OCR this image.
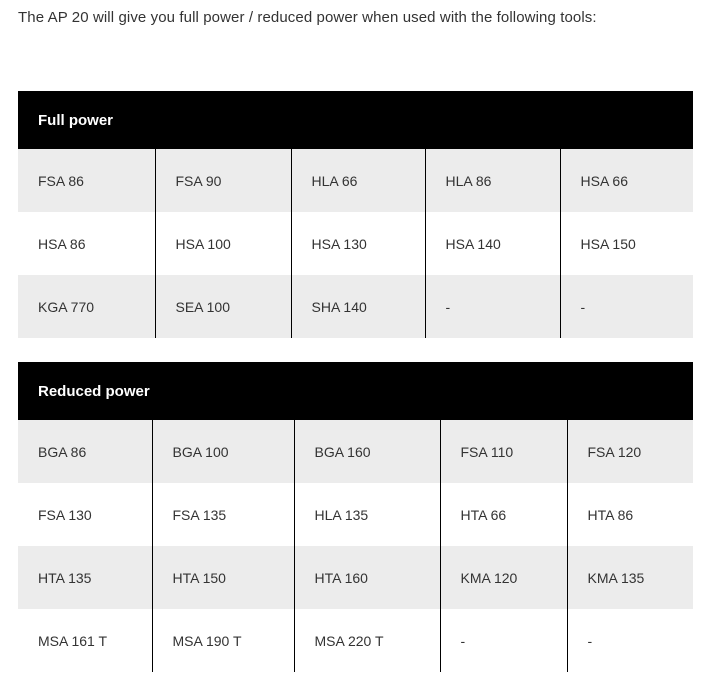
The AP 20 will give you full power / reduced power when used with the following tools:
Full power				
FSA 86	FSA 90	HLA 66	HLA 86	HSA 66
HSA 86	HSA 100	HSA 130	HSA 140	HSA 150
KGA 770	SEA 100	SHA 140	-	-
Reduced power				
BGA 86	BGA 100	BGA 160	FSA 110	FSA 120
FSA 130	FSA 135	HLA 135	HTA 66	HTA 86
HTA 135	HTA 150	HTA 160	KMA 120	KMA 135
MSA 161 T	MSA 190 T	MSA 220 T	-	-
